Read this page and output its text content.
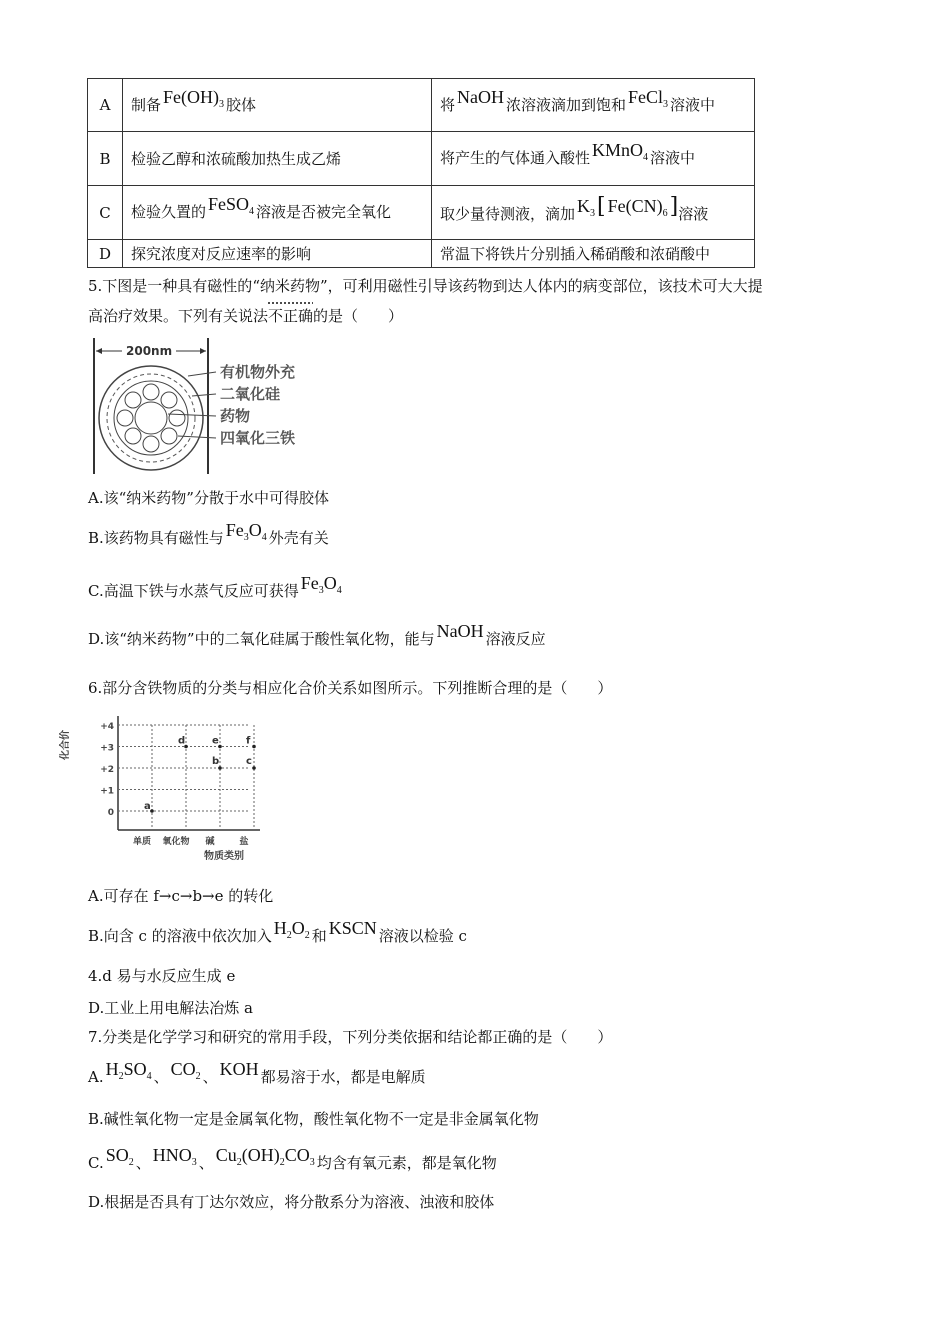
A	制备 $Fe(OH)_3$ 胶体	将 NaOH 浓溶液滴加到饱和 FeCl$_3$ 溶液中
B	检验乙醇和浓硫酸加热生成乙烯	将产生的气体通入酸性 KMnO$_4$ 溶液中
C	检验久置的 FeSO$_4$ 溶液是否被完全氧化	取少量待测液，滴加 $K_3$[ $Fe(CN)_6$]溶液
D	探究浓度对反应速率的影响	常温下将铁片分别插入稀硝酸和浓硝酸中
5.下图是一种具有磁性的“纳米药物”，可利用磁性引导该药物到达人体内的病变部位，该技术可大大提
高治疗效果。下列有关说法不正确的是（　　）
200nm
有机物外充
二氧化硅
药物
四氧化三铁
A.该“纳米药物”分散于水中可得胶体
B.该药物具有磁性与 $Fe_3O_4$ 外壳有关
C.高温下铁与水蒸气反应可获得 $Fe_3O_4$
D.该“纳米药物”中的二氧化硅属于酸性氧化物，能与 NaOH 溶液反应
6.部分含铁物质的分类与相应化合价关系如图所示。下列推断合理的是（　　）
化合价
物质类别
+4
+3
+2
+1
0
单质 氧化物 碱	盐
a
d	e	f
b	c
A.可存在 f→c→b→e 的转化
B.向含 c 的溶液中依次加入 $H_2O_2$ 和 KSCN 溶液以检验 c
4.d 易与水反应生成 e
D.工业上用电解法冶炼 a
7.分类是化学学习和研究的常用手段，下列分类依据和结论都正确的是（　　）
A. $H_2SO_4$ 、 $CO_2$ 、 KOH 都易溶于水，都是电解质
B.碱性氧化物一定是金属氧化物，酸性氧化物不一定是非金属氧化物
C. $SO_2$ 、 $HNO_3$ 、 $Cu_2(OH)_2CO_3$ 均含有氧元素，都是氧化物
D.根据是否具有丁达尔效应，将分散系分为溶液、浊液和胶体
